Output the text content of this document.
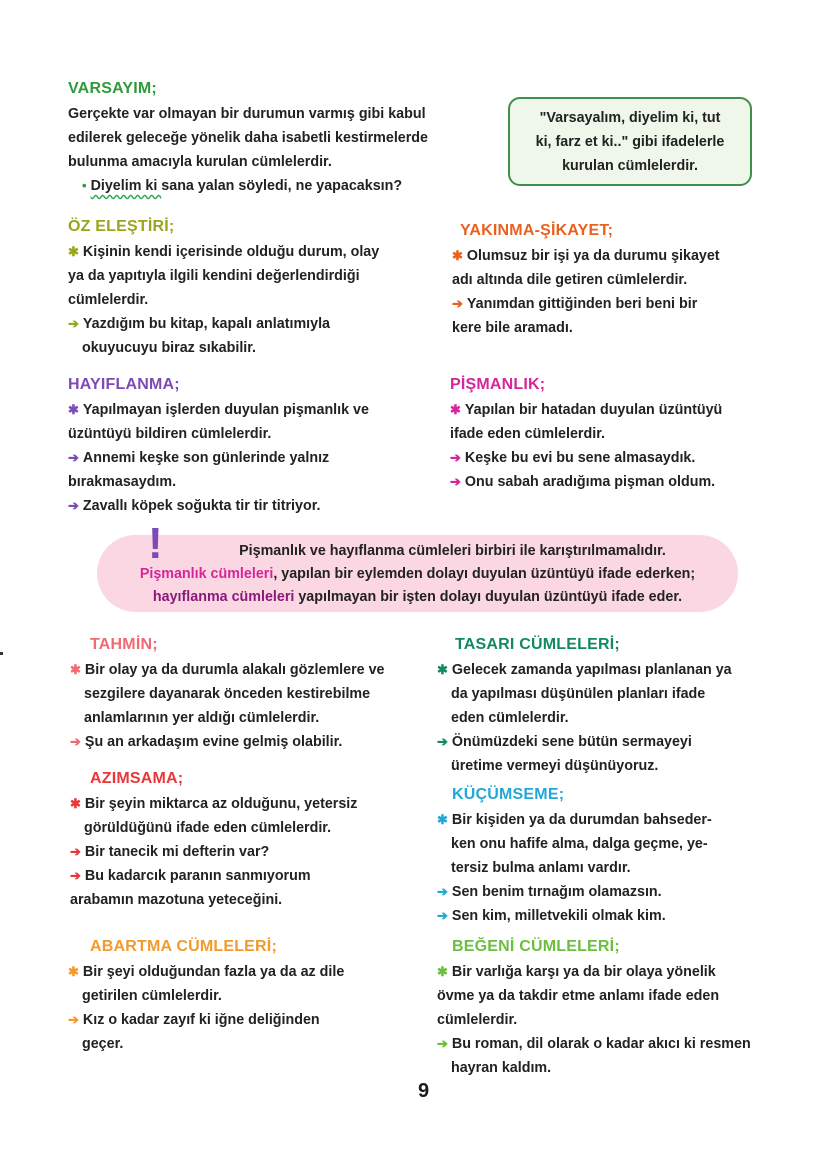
VARSAYIM;
Gerçekte var olmayan bir durumun varmış gibi kabul
edilerek geleceğe yönelik daha isabetli kestirmelerde
bulunma amacıyla kurulan cümlelerdir.
• Diyelim ki sana yalan söyledi, ne yapacaksın?
ÖZ ELEŞTİRİ;
✱ Kişinin kendi içerisinde olduğu durum, olay
ya da yapıtıyla ilgili kendini değerlendirdiği
cümlelerdir.
➔ Yazdığım bu kitap, kapalı anlatımıyla
okuyucuyu biraz sıkabilir.
YAKINMA-ŞİKAYET;
✱ Olumsuz bir işi ya da durumu şikayet
adı altında dile getiren cümlelerdir.
➔ Yanımdan gittiğinden beri beni bir
kere bile aramadı.
HAYIFLANMA;
✱ Yapılmayan işlerden duyulan pişmanlık ve
üzüntüyü bildiren cümlelerdir.
➔ Annemi keşke son günlerinde yalnız
bırakmasaydım.
➔ Zavallı köpek soğukta tir tir titriyor.
PİŞMANLIK;
✱ Yapılan bir hatadan duyulan üzüntüyü
ifade eden cümlelerdir.
➔ Keşke bu evi bu sene almasaydık.
➔ Onu sabah aradığıma pişman oldum.
TAHMİN;
✱ Bir olay ya da durumla alakalı gözlemlere ve
sezgilere dayanarak önceden kestirebilme
anlamlarının yer aldığı cümlelerdir.
➔ Şu an arkadaşım evine gelmiş olabilir.
TASARI CÜMLELERİ;
✱ Gelecek zamanda yapılması planlanan ya
da yapılması düşünülen planları ifade
eden cümlelerdir.
➔ Önümüzdeki sene bütün sermayeyi
üretime vermeyi düşünüyoruz.
AZIMSAMA;
✱ Bir şeyin miktarca az olduğunu, yetersiz
görüldüğünü ifade eden cümlelerdir.
➔ Bir tanecik mi defterin var?
➔ Bu kadarcık paranın sanmıyorum
arabamın mazotuna yeteceğini.
KÜÇÜMSEME;
✱ Bir kişiden ya da durumdan bahseder-
ken onu hafife alma, dalga geçme, ye-
tersiz bulma anlamı vardır.
➔ Sen benim tırnağım olamazsın.
➔ Sen kim, milletvekili olmak kim.
ABARTMA CÜMLELERİ;
✱ Bir şeyi olduğundan fazla ya da az dile
getirilen cümlelerdir.
➔ Kız o kadar zayıf ki iğne deliğinden
geçer.
BEĞENİ CÜMLELERİ;
✱ Bir varlığa karşı ya da bir olaya yönelik
övme ya da takdir etme anlamı ifade eden
cümlelerdir.
➔ Bu roman, dil olarak o kadar akıcı ki resmen
hayran kaldım.
"Varsayalım, diyelim ki, tut
ki, farz et ki.." gibi ifadelerle
kurulan cümlelerdir.
Pişmanlık ve hayıflanma cümleleri birbiri ile karıştırılmamalıdır.
Pişmanlık cümleleri, yapılan bir eylemden dolayı duyulan üzüntüyü ifade ederken;
hayıflanma cümleleri yapılmayan bir işten dolayı duyulan üzüntüyü ifade eder.
!
9
